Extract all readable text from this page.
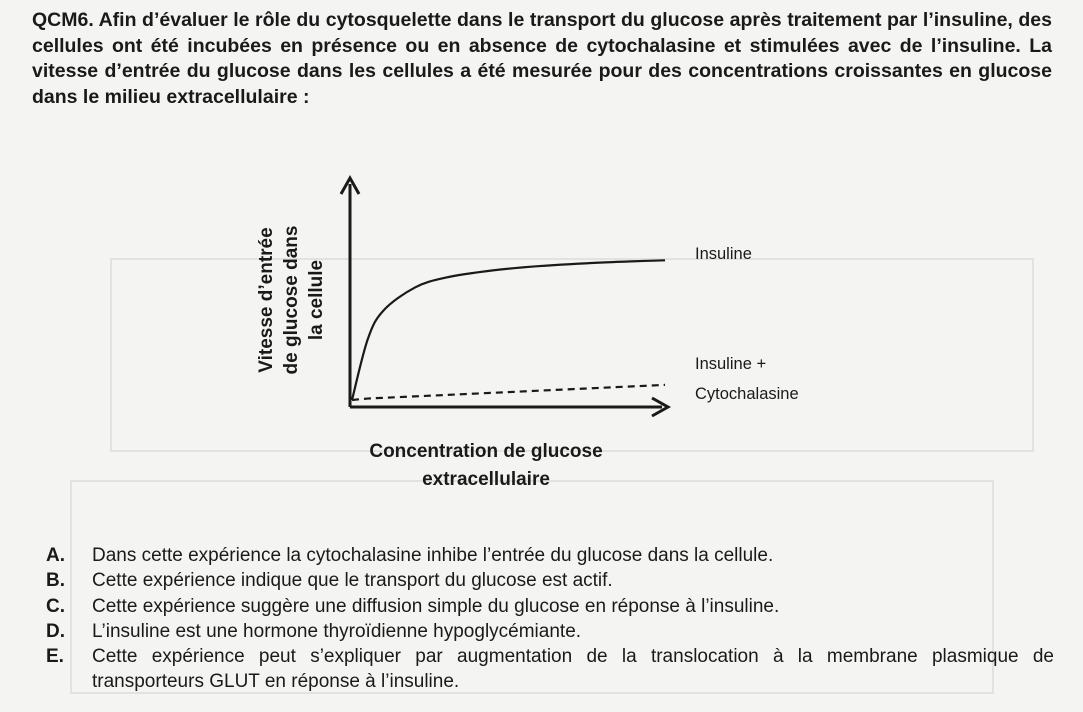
QCM6. Afin d’évaluer le rôle du cytosquelette dans le transport du glucose après traitement par l’insuline, des cellules ont été incubées en présence ou en absence de cytochalasine et stimulées avec de l’insuline. La vitesse d’entrée du glucose dans les cellules a été mesurée pour des concentrations croissantes en glucose dans le milieu extracellulaire :
Insuline
Insuline +
Cytochalasine
Concentration de glucose
extracellulaire
Vitesse d’entrée de glucose dans la cellule
A.	Dans cette expérience la cytochalasine inhibe l’entrée du glucose dans la cellule.
B.	Cette expérience indique que le transport du glucose est actif.
C.	Cette expérience suggère une diffusion simple du glucose en réponse à l’insuline.
D.	L’insuline est une hormone thyroïdienne hypoglycémiante.
E.	Cette expérience peut s’expliquer par augmentation de la translocation à la membrane plasmique de transporteurs GLUT en réponse à l’insuline.
